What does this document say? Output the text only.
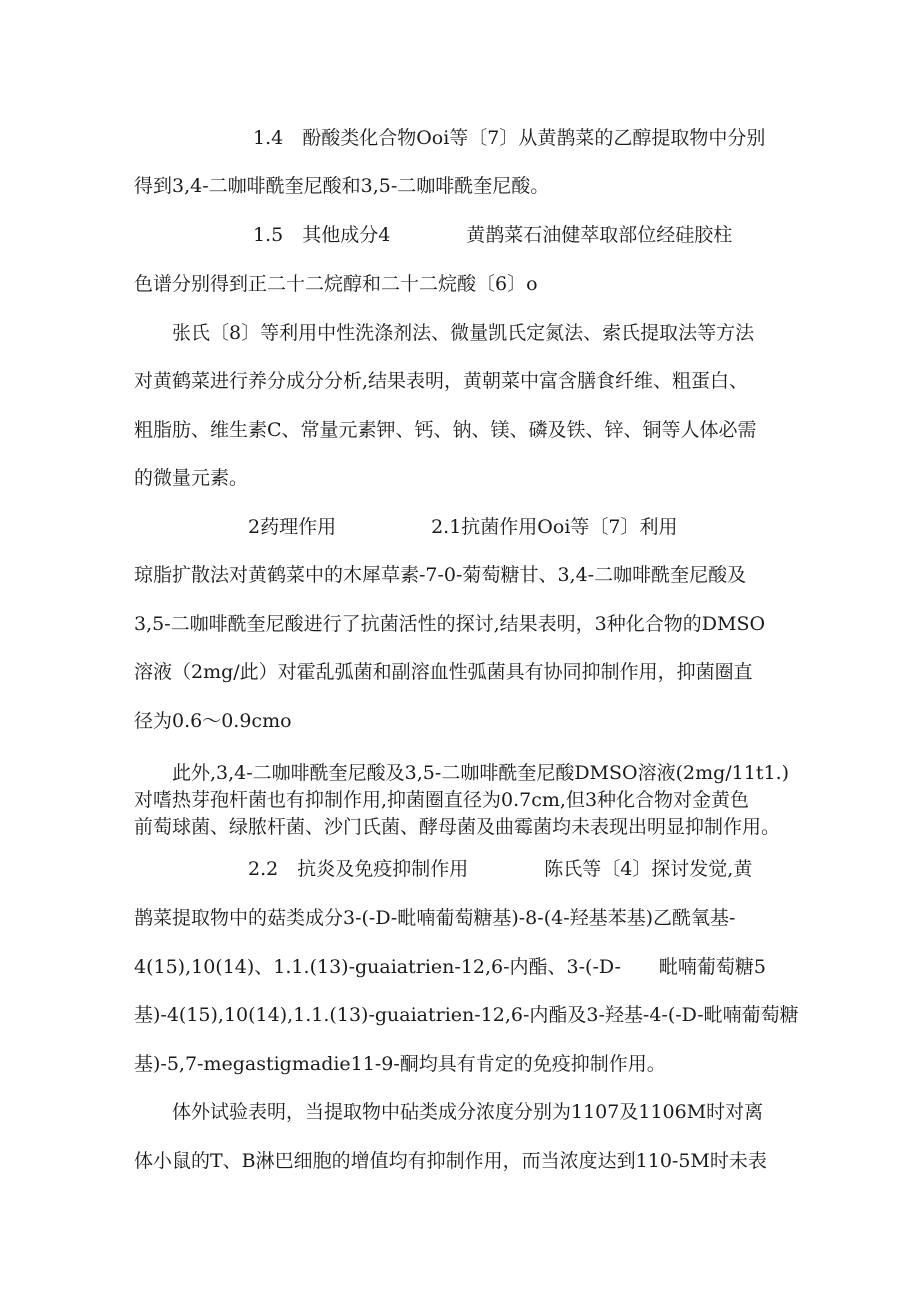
1.4　酚酸类化合物Ooi等〔7〕从黄鹊菜的乙醇提取物中分别
得到3,4-二咖啡酰奎尼酸和3,5-二咖啡酰奎尼酸。
1.5　其他成分4　　　　黄鹊菜石油健萃取部位经硅胶柱
色谱分别得到正二十二烷醇和二十二烷酸〔6〕o
张氏〔8〕等利用中性洗涤剂法、微量凯氏定氮法、索氏提取法等方法
对黄鹤菜进行养分成分分析,结果表明，黄朝菜中富含膳食纤维、粗蛋白、
粗脂肪、维生素C、常量元素钾、钙、钠、镁、磷及铁、锌、铜等人体必需
的微量元素。
2药理作用　　　　　2.1抗菌作用Ooi等〔7〕利用
琼脂扩散法对黄鹤菜中的木犀草素-7-0-菊萄糖甘、3,4-二咖啡酰奎尼酸及
3,5-二咖啡酰奎尼酸进行了抗菌活性的探讨,结果表明，3种化合物的DMSO
溶液（2mg/此）对霍乱弧菌和副溶血性弧菌具有协同抑制作用，抑菌圈直
径为0.6～0.9cmo
此外,3,4-二咖啡酰奎尼酸及3,5-二咖啡酰奎尼酸DMSO溶液(2mg/11t1.)
对嗜热芽孢杆菌也有抑制作用,抑菌圈直径为0.7cm,但3种化合物对金黄色
前萄球菌、绿脓杆菌、沙门氏菌、酵母菌及曲霉菌均未表现出明显抑制作用。
2.2　抗炎及免疫抑制作用　　　　陈氏等〔4〕探讨发觉,黄
鹊菜提取物中的菇类成分3-(-D-毗喃葡萄糖基)-8-(4-羟基苯基)乙酰氧基-
4(15),10(14)、1.1.(13)-guaiatrien-12,6-内酯、3-(-D-　　毗喃葡萄糖5
基)-4(15),10(14),1.1.(13)-guaiatrien-12,6-内酯及3-羟基-4-(-D-毗喃葡萄糖
基)-5,7-megastigmadie11-9-酮均具有肯定的免疫抑制作用。
体外试验表明，当提取物中砧类成分浓度分别为1107及1106M时对离
体小鼠的T、B淋巴细胞的增值均有抑制作用，而当浓度达到110-5M时未表
